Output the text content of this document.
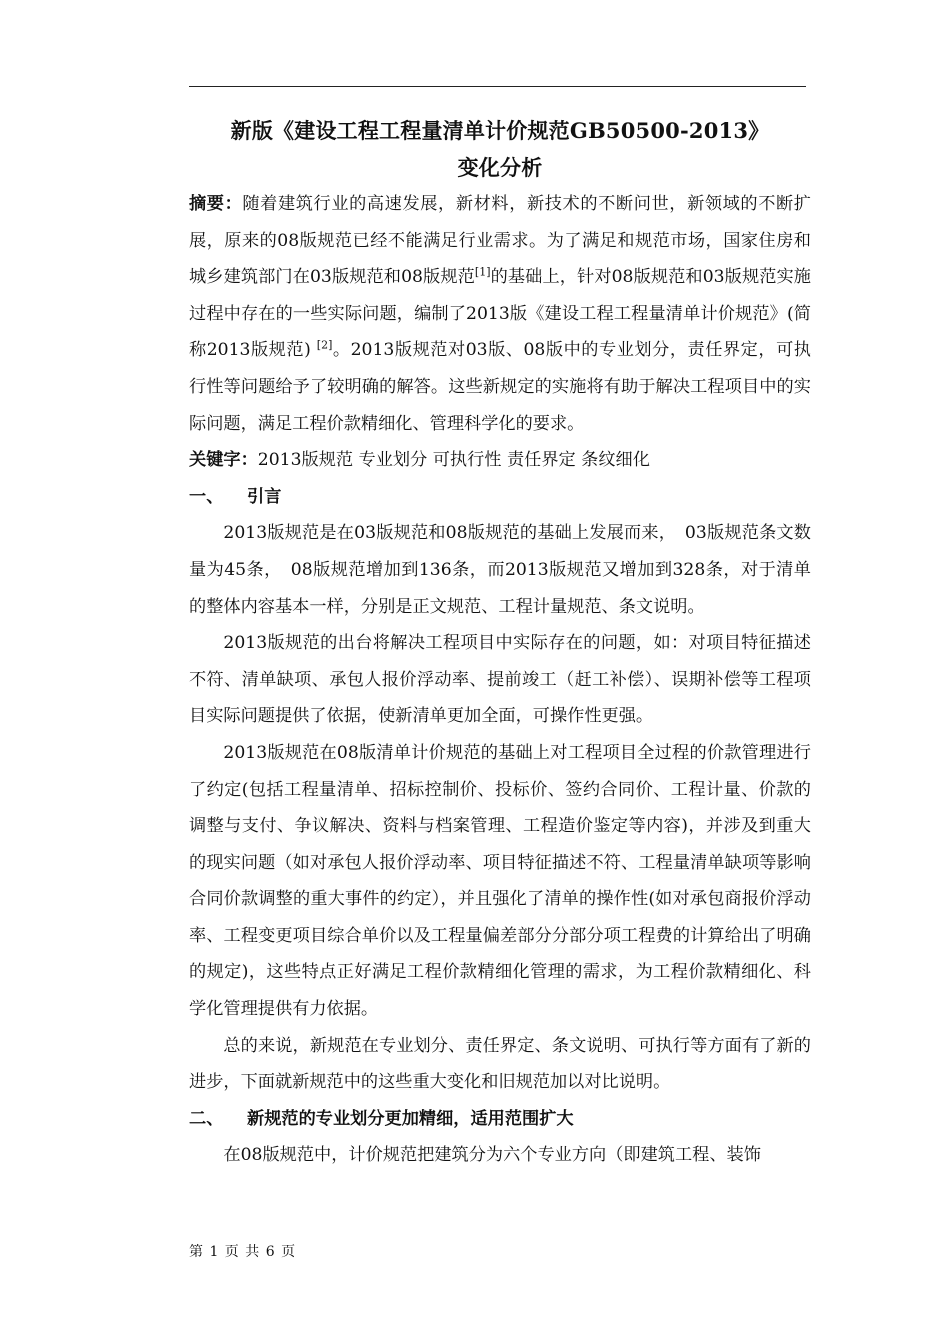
新版《建设工程工程量清单计价规范GB50500-2013》
变化分析

摘要：随着建筑行业的高速发展，新材料，新技术的不断问世，新领域的不断扩展，原来的08版规范已经不能满足行业需求。为了满足和规范市场，国家住房和城乡建筑部门在03版规范和08版规范[1]的基础上，针对08版规范和03版规范实施过程中存在的一些实际问题，编制了2013版《建设工程工程量清单计价规范》(简称2013版规范) [2]。2013版规范对03版、08版中的专业划分，责任界定，可执行性等问题给予了较明确的解答。这些新规定的实施将有助于解决工程项目中的实际问题，满足工程价款精细化、管理科学化的要求。

关键字：2013版规范 专业划分 可执行性 责任界定 条纹细化

一、	引言

2013版规范是在03版规范和08版规范的基础上发展而来，　03版规范条文数量为45条，　08版规范增加到136条，而2013版规范又增加到328条，对于清单的整体内容基本一样，分别是正文规范、工程计量规范、条文说明。

2013版规范的出台将解决工程项目中实际存在的问题，如：对项目特征描述不符、清单缺项、承包人报价浮动率、提前竣工（赶工补偿）、误期补偿等工程项目实际问题提供了依据，使新清单更加全面，可操作性更强。

2013版规范在08版清单计价规范的基础上对工程项目全过程的价款管理进行了约定(包括工程量清单、招标控制价、投标价、签约合同价、工程计量、价款的调整与支付、争议解决、资料与档案管理、工程造价鉴定等内容)，并涉及到重大的现实问题（如对承包人报价浮动率、项目特征描述不符、工程量清单缺项等影响合同价款调整的重大事件的约定），并且强化了清单的操作性(如对承包商报价浮动率、工程变更项目综合单价以及工程量偏差部分分部分项工程费的计算给出了明确的规定)，这些特点正好满足工程价款精细化管理的需求，为工程价款精细化、科学化管理提供有力依据。

总的来说，新规范在专业划分、责任界定、条文说明、可执行等方面有了新的进步，下面就新规范中的这些重大变化和旧规范加以对比说明。

二、	新规范的专业划分更加精细，适用范围扩大

在08版规范中，计价规范把建筑分为六个专业方向（即建筑工程、装饰

第 1 页 共 6 页
